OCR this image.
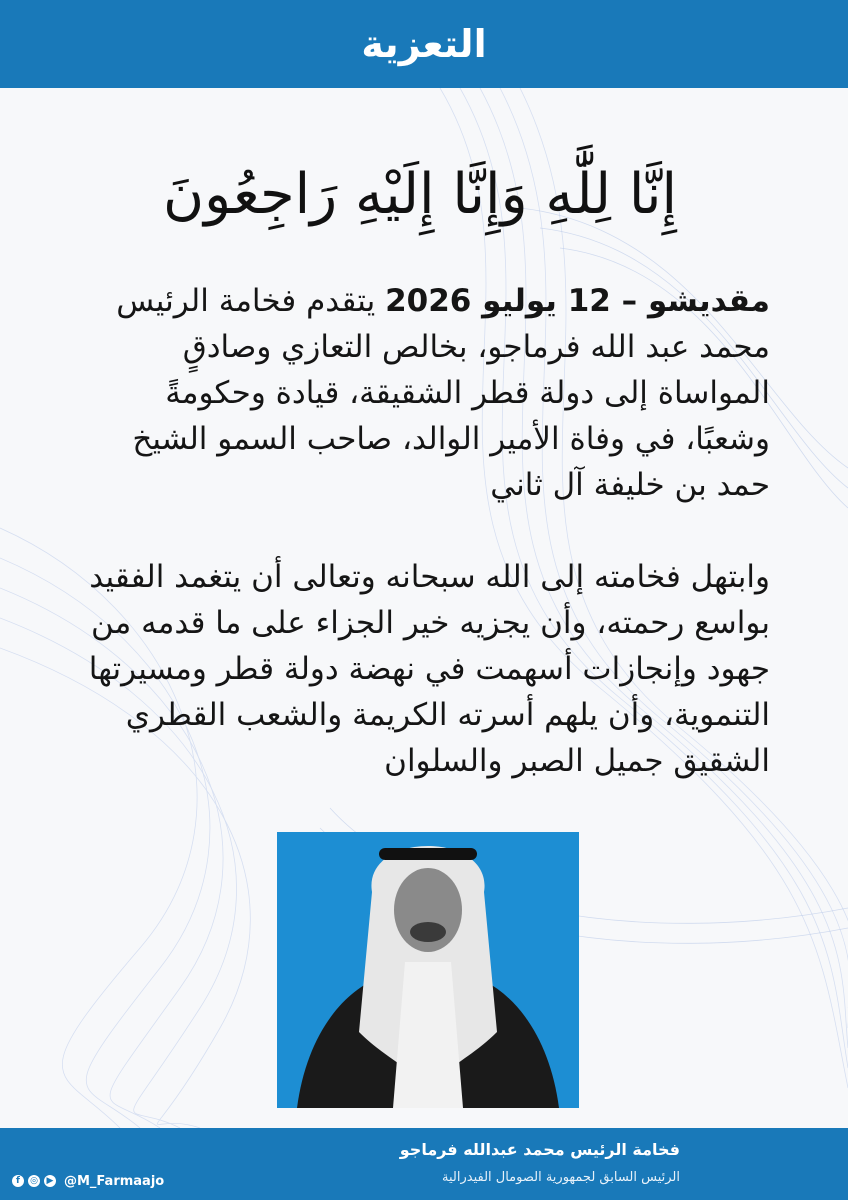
التعزية
إِنَّا لِلَّٰهِ وَإِنَّا إِلَيْهِ رَاجِعُونَ

مقديشو – 12 يوليو 2026 يتقدم فخامة الرئيس محمد عبد الله فرماجو، بخالص التعازي وصادقٍ المواساة إلى دولة قطر الشقيقة، قيادة وحكومةً وشعبًا، في وفاة الأمير الوالد، صاحب السمو الشيخ حمد بن خليفة آل ثاني

وابتهل فخامته إلى الله سبحانه وتعالى أن يتغمد الفقيد بواسع رحمته، وأن يجزيه خير الجزاء على ما قدمه من جهود وإنجازات أسهمت في نهضة دولة قطر ومسيرتها التنموية، وأن يلهم أسرته الكريمة والشعب القطري الشقيق جميل الصبر والسلوان

فخامة الرئيس محمد عبدالله فرماجو
الرئيس السابق لجمهورية الصومال الفيدرالية
f	◎ ▶ @M_Farmaajo
